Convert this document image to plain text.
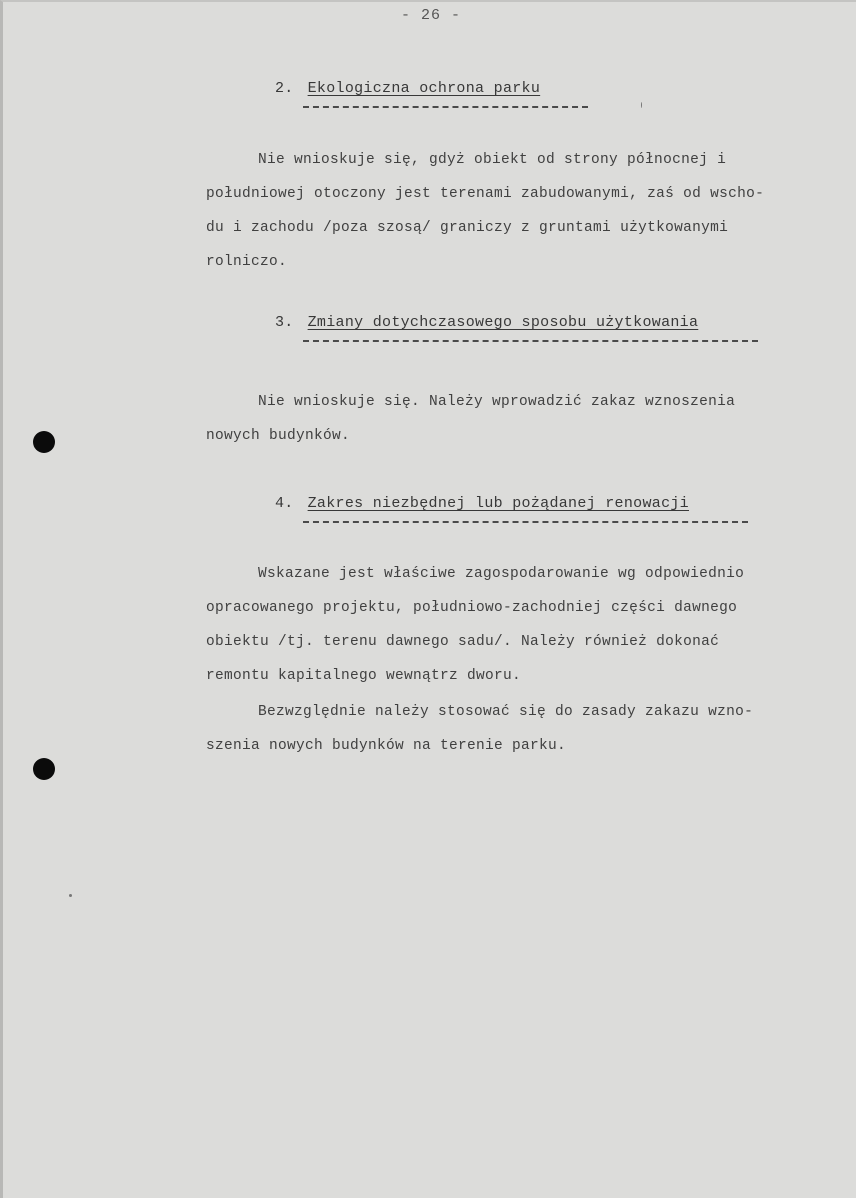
- 26 -
2. Ekologiczna ochrona parku
Nie wnioskuje się, gdyż obiekt od strony północnej i
południowej otoczony jest terenami zabudowanymi, zaś od wscho-
du i zachodu /poza szosą/ graniczy z gruntami użytkowanymi
rolniczo.
3. Zmiany dotychczasowego sposobu użytkowania
Nie wnioskuje się. Należy wprowadzić zakaz wznoszenia
nowych budynków.
4. Zakres niezbędnej lub pożądanej renowacji
Wskazane jest właściwe zagospodarowanie wg odpowiednio
opracowanego projektu, południowo-zachodniej części dawnego
obiektu /tj. terenu dawnego sadu/. Należy również dokonać
remontu kapitalnego wewnątrz dworu.
Bezwzględnie należy stosować się do zasady zakazu wzno-
szenia nowych budynków na terenie parku.
